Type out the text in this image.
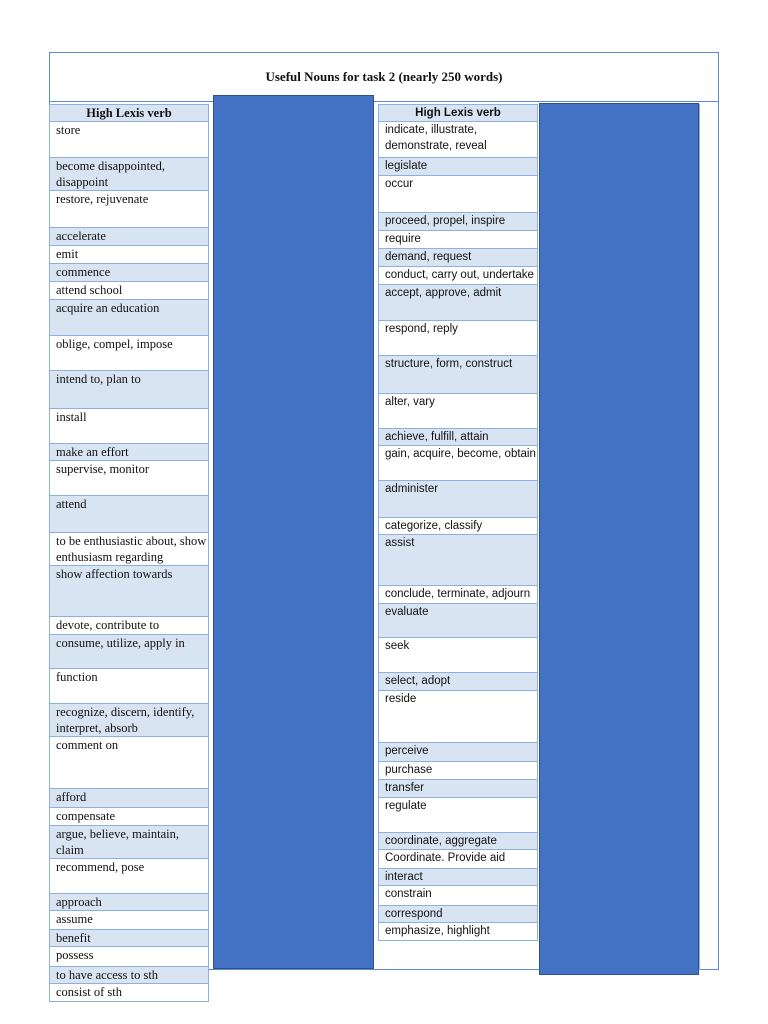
Useful Nouns for task 2 (nearly 250 words)
High Lexis verb
store
become disappointed, disappoint
restore, rejuvenate
accelerate
emit
commence
attend school
acquire an education
oblige, compel, impose
intend to, plan to
install
make an effort
supervise, monitor
attend
to be enthusiastic about, show enthusiasm regarding
show affection towards
devote, contribute to
consume, utilize, apply in
function
recognize, discern, identify, interpret, absorb
comment on
afford
compensate
argue, believe, maintain, claim
recommend, pose
approach
assume
benefit
possess
to have access to sth
consist of sth
High Lexis verb
indicate, illustrate, demonstrate, reveal
legislate
occur
proceed, propel, inspire
require
demand, request
conduct, carry out, undertake
accept, approve, admit
respond, reply
structure, form, construct
alter, vary
achieve, fulfill, attain
gain, acquire, become, obtain
administer
categorize, classify
assist
conclude, terminate, adjourn
evaluate
seek
select, adopt
reside
perceive
purchase
transfer
regulate
coordinate, aggregate
Coordinate. Provide aid
interact
constrain
correspond
emphasize, highlight
